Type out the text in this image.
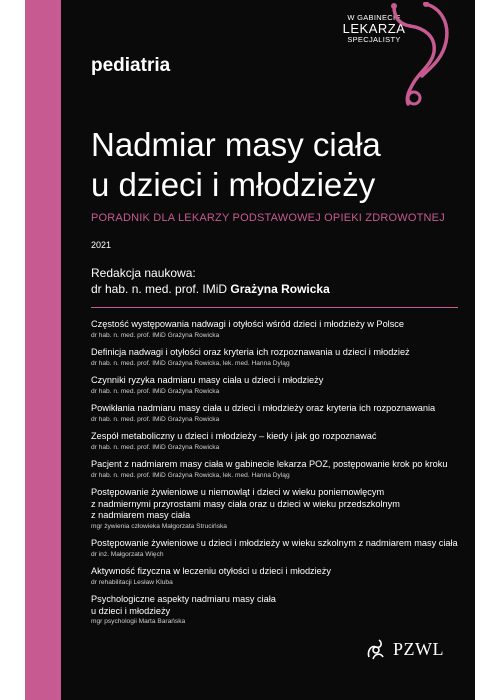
W GABINECIE
LEKARZA
SPECJALISTY
pediatria
Nadmiar masy ciała
u dzieci i młodzieży
PORADNIK DLA LEKARZY PODSTAWOWEJ OPIEKI ZDROWOTNEJ
2021
Redakcja naukowa:
dr hab. n. med. prof. IMiD Grażyna Rowicka
Częstość występowania nadwagi i otyłości wśród dzieci i młodzieży w Polsce
dr hab. n. med. prof. IMiD Grażyna Rowicka
Definicja nadwagi i otyłości oraz kryteria ich rozpoznawania u dzieci i młodzież
dr hab. n. med. prof. IMiD Grażyna Rowicka, lek. med. Hanna Dyląg
Czynniki ryzyka nadmiaru masy ciała u dzieci i młodzieży
dr hab. n. med. prof. IMiD Grażyna Rowicka
Powikłania nadmiaru masy ciała u dzieci i młodzieży oraz kryteria ich rozpoznawania
dr hab. n. med. prof. IMiD Grażyna Rowicka
Zespół metaboliczny u dzieci i młodzieży – kiedy i jak go rozpoznawać
dr hab. n. med. prof. IMiD Grażyna Rowicka
Pacjent z nadmiarem masy ciała w gabinecie lekarza POZ, postępowanie krok po kroku
dr hab. n. med. prof. IMiD Grażyna Rowicka, lek. med. Hanna Dyląg
Postępowanie żywieniowe u niemowląt i dzieci w wieku poniemowlęcym
z nadmiernymi przyrostami masy ciała oraz u dzieci w wieku przedszkolnym
z nadmiarem masy ciała
mgr żywienia człowieka Małgorzata Strucińska
Postępowanie żywieniowe u dzieci i młodzieży w wieku szkolnym z nadmiarem masy ciała
dr inż. Małgorzata Więch
Aktywność fizyczna w leczeniu otyłości u dzieci i młodzieży
dr rehabilitacji Lesław Kluba
Psychologiczne aspekty nadmiaru masy ciała
u dzieci i młodzieży
mgr psychologii Marta Barańska
PZWL
